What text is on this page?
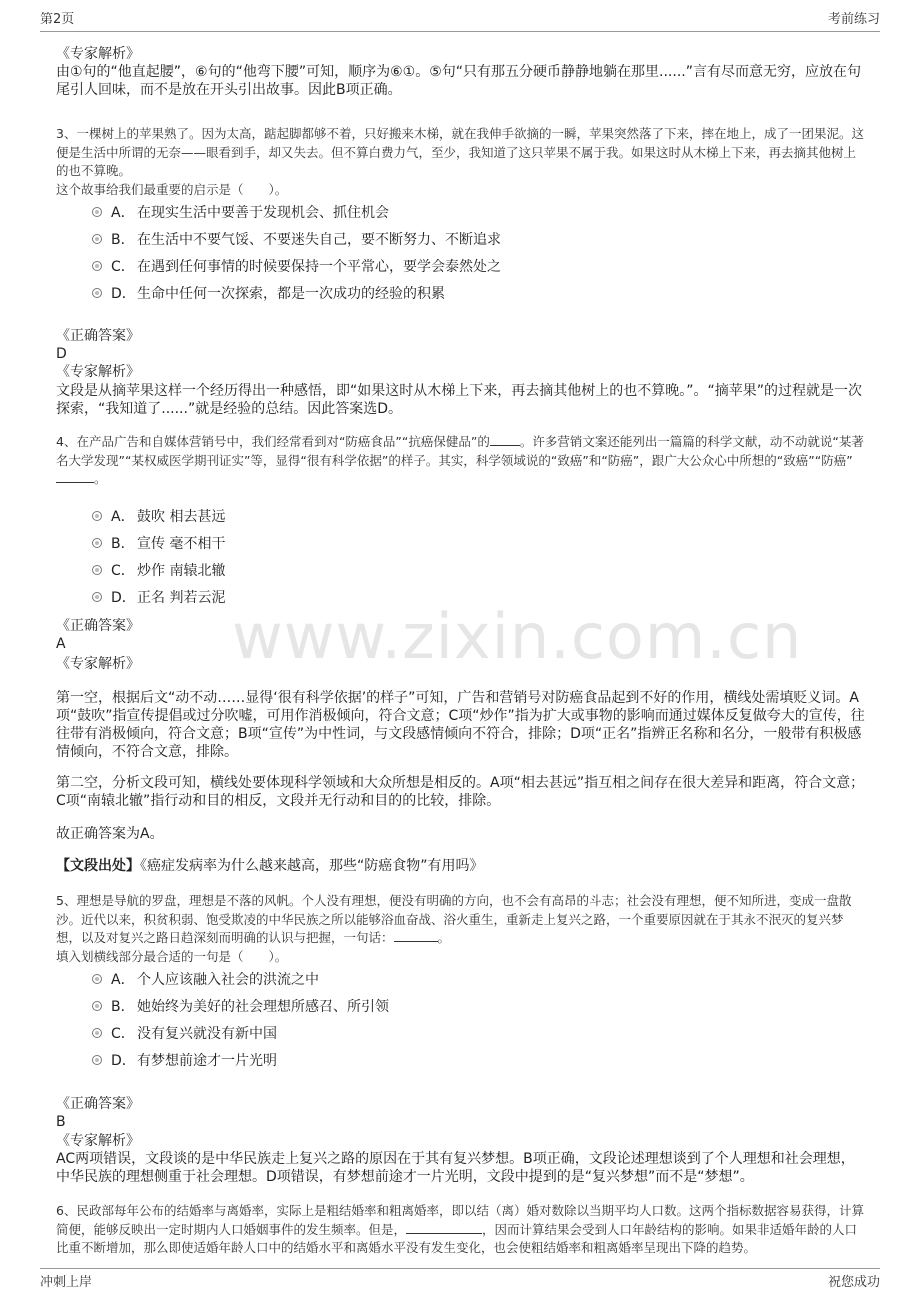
第2页	考前练习
www.zixin.com.cn
《专家解析》
由①句的“他直起腰”，⑥句的“他弯下腰”可知，顺序为⑥①。⑤句“只有那五分硬币静静地躺在那里......”言有尽而意无穷，应放在句尾引人回味，而不是放在开头引出故事。因此B项正确。
3、一棵树上的苹果熟了。因为太高，踮起脚都够不着，只好搬来木梯，就在我伸手欲摘的一瞬，苹果突然落了下来，摔在地上，成了一团果泥。这便是生活中所谓的无奈——眼看到手，却又失去。但不算白费力气，至少，我知道了这只苹果不属于我。如果这时从木梯上下来，再去摘其他树上的也不算晚。
这个故事给我们最重要的启示是（　　）。
A． 在现实生活中要善于发现机会、抓住机会
B． 在生活中不要气馁、不要迷失自己，要不断努力、不断追求
C． 在遇到任何事情的时候要保持一个平常心，要学会泰然处之
D．生命中任何一次探索，都是一次成功的经验的积累
《正确答案》
D
《专家解析》
文段是从摘苹果这样一个经历得出一种感悟，即“如果这时从木梯上下来，再去摘其他树上的也不算晚。”。“摘苹果”的过程就是一次探索，“我知道了......”就是经验的总结。因此答案选D。
4、在产品广告和自媒体营销号中，我们经常看到对“防癌食品”“抗癌保健品”的 。许多营销文案还能列出一篇篇的科学文献，动不动就说“某著名大学发现”“某权威医学期刊证实”等，显得“很有科学依据”的样子。其实，科学领域说的“致癌”和“防癌”，跟广大公众心中所想的“致癌”“防癌”。
A． 鼓吹 相去甚远
B． 宣传 毫不相干
C． 炒作 南辕北辙
D．正名 判若云泥
《正确答案》
A
《专家解析》
第一空，根据后文“动不动……显得‘很有科学依据’的样子”可知，广告和营销号对防癌食品起到不好的作用，横线处需填贬义词。A项“鼓吹”指宣传提倡或过分吹嘘，可用作消极倾向，符合文意；C项“炒作”指为扩大或事物的影响而通过媒体反复做夸大的宣传，往往带有消极倾向，符合文意；B项“宣传”为中性词，与文段感情倾向不符合，排除；D项“正名”指辨正名称和名分，一般带有积极感情倾向，不符合文意，排除。
第二空，分析文段可知，横线处要体现科学领域和大众所想是相反的。A项“相去甚远”指互相之间存在很大差异和距离，符合文意；C项“南辕北辙”指行动和目的相反，文段并无行动和目的的比较，排除。
故正确答案为A。
【文段出处】《癌症发病率为什么越来越高，那些“防癌食物”有用吗》
5、理想是导航的罗盘，理想是不落的风帆。个人没有理想，便没有明确的方向，也不会有高昂的斗志；社会没有理想，便不知所进，变成一盘散沙。近代以来，积贫积弱、饱受欺凌的中华民族之所以能够浴血奋战、浴火重生，重新走上复兴之路，一个重要原因就在于其永不泯灭的复兴梦想，以及对复兴之路日趋深刻而明确的认识与把握，一句话：	。
填入划横线部分最合适的一句是（　　）。
A． 个人应该融入社会的洪流之中
B． 她始终为美好的社会理想所感召、所引领
C． 没有复兴就没有新中国
D．有梦想前途才一片光明
《正确答案》
B
《专家解析》
AC两项错误，文段谈的是中华民族走上复兴之路的原因在于其有复兴梦想。B项正确，文段论述理想谈到了个人理想和社会理想，中华民族的理想侧重于社会理想。D项错误，有梦想前途才一片光明，文段中提到的是“复兴梦想”而不是“梦想”。
6、民政部每年公布的结婚率与离婚率，实际上是粗结婚率和粗离婚率，即以结（离）婚对数除以当期平均人口数。这两个指标数据容易获得，计算简便，能够反映出一定时期内人口婚姻事件的发生频率。但是，	，因而计算结果会受到人口年龄结构的影响。如果非适婚年龄的人口比重不断增加，那么即使适婚年龄人口中的结婚水平和离婚水平没有发生变化，也会使粗结婚率和粗离婚率呈现出下降的趋势。
冲刺上岸	祝您成功
